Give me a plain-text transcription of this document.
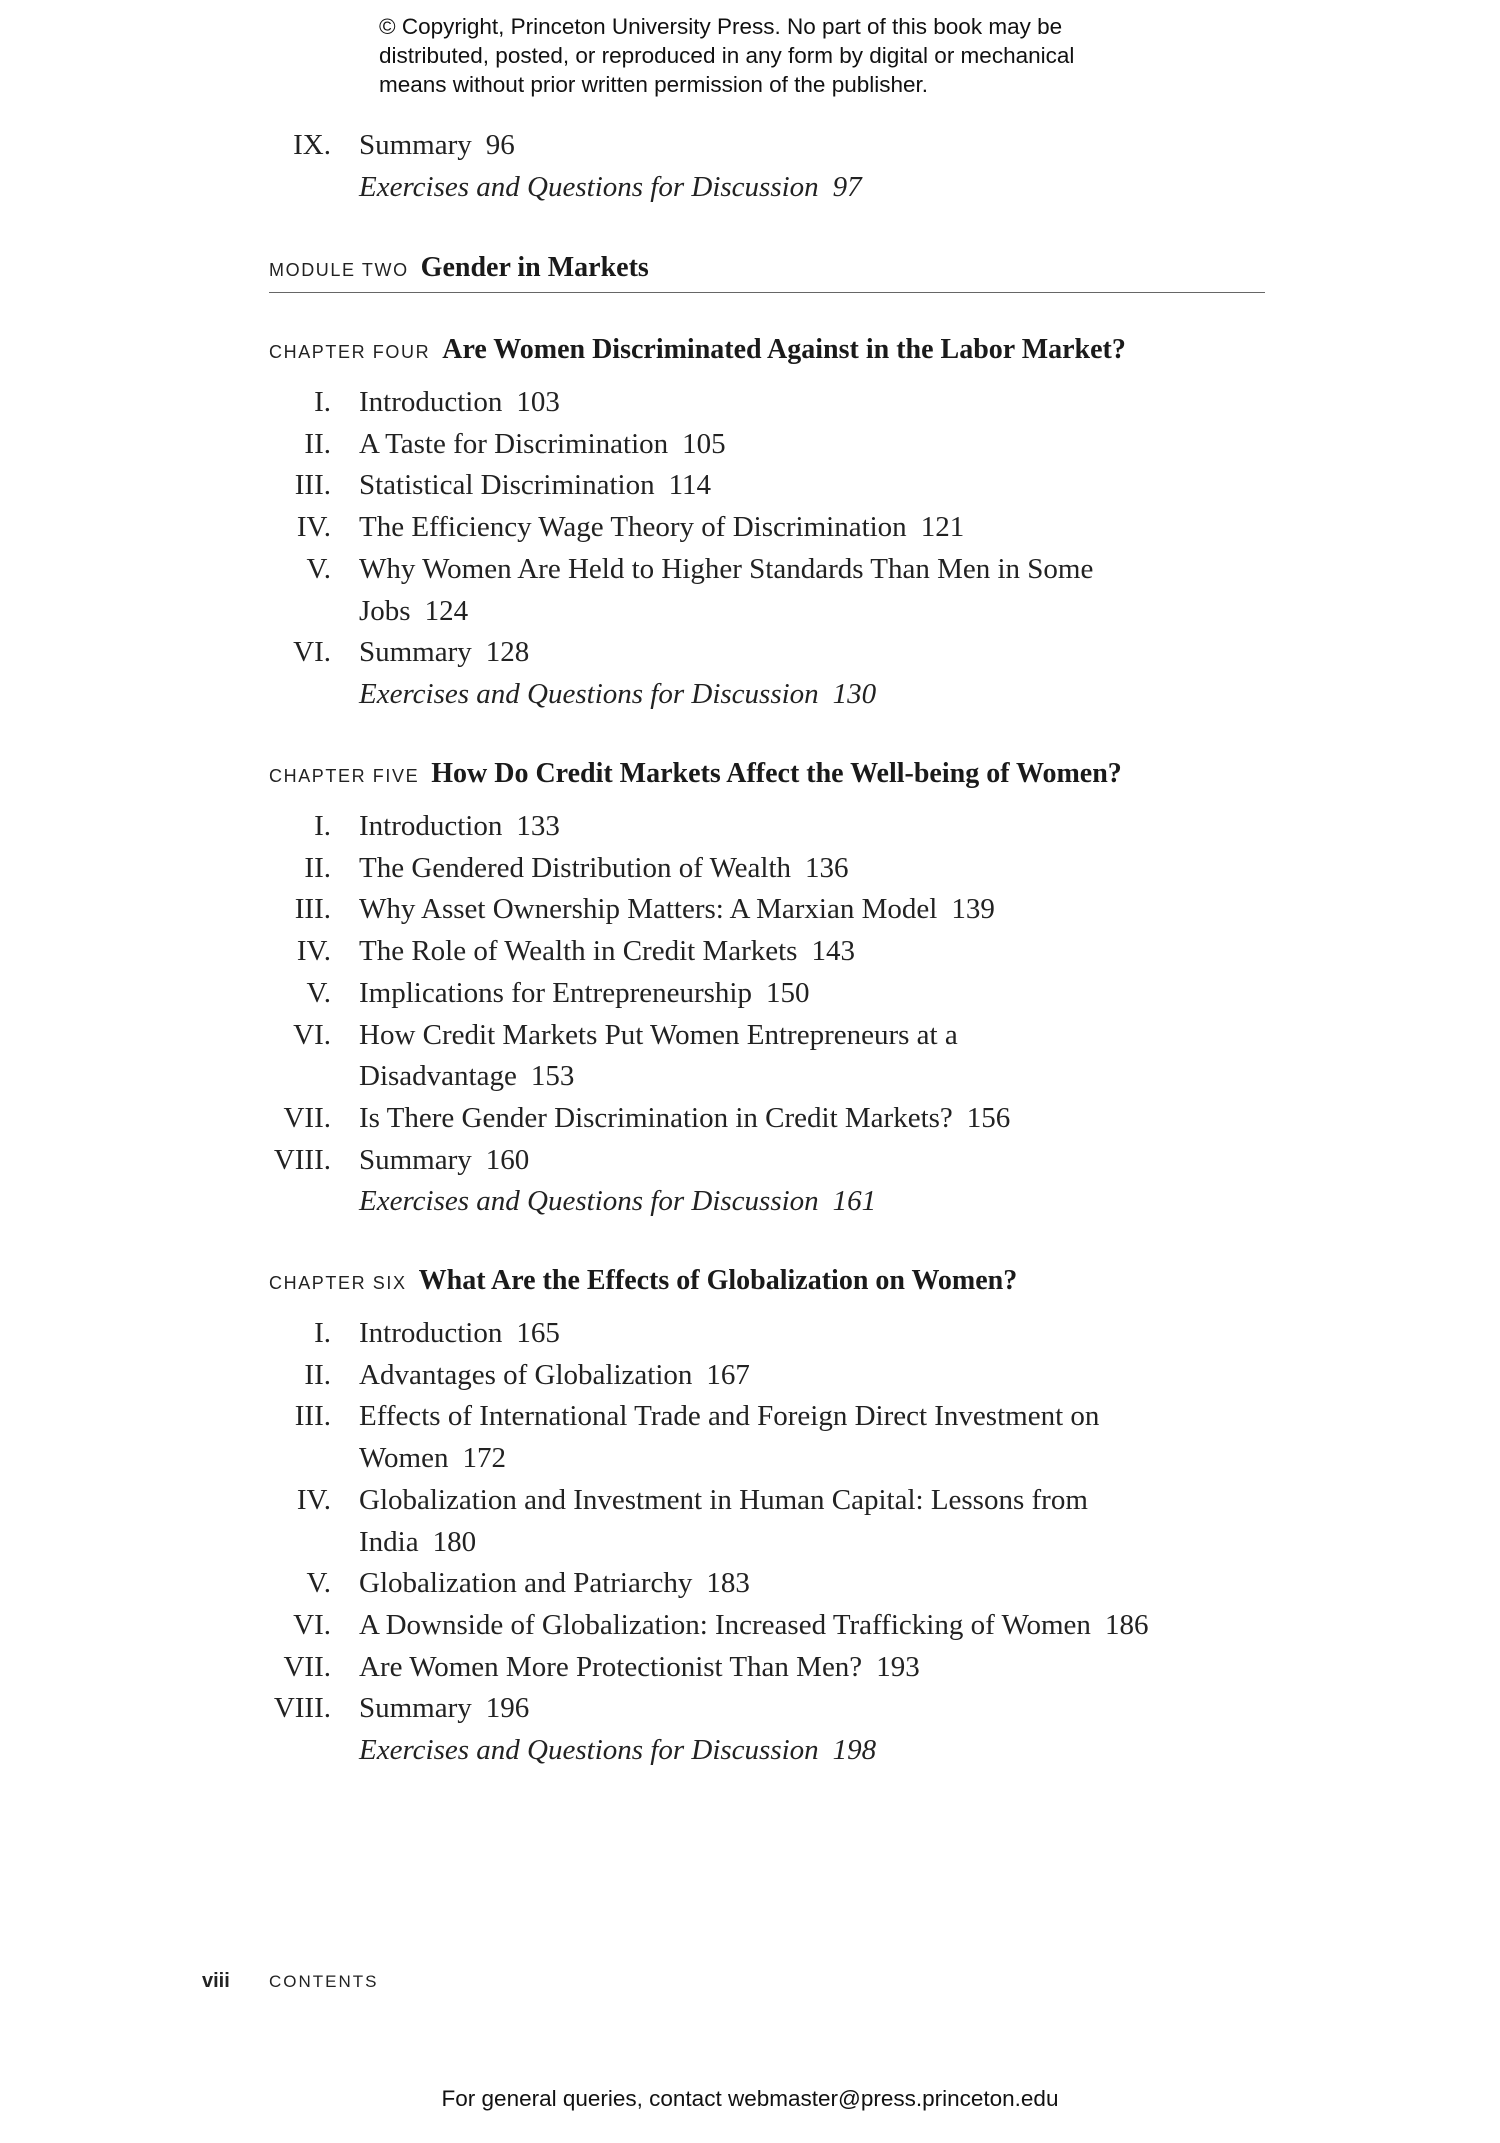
© Copyright, Princeton University Press. No part of this book may be
distributed, posted, or reproduced in any form by digital or mechanical
means without prior written permission of the publisher.
IX. Summary 96
Exercises and Questions for Discussion 97
MODULE TWO Gender in Markets
CHAPTER FOUR Are Women Discriminated Against in the Labor Market?
I. Introduction 103
II. A Taste for Discrimination 105
III. Statistical Discrimination 114
IV. The Efficiency Wage Theory of Discrimination 121
V. Why Women Are Held to Higher Standards Than Men in Some
Jobs 124
VI. Summary 128
Exercises and Questions for Discussion 130
CHAPTER FIVE How Do Credit Markets Affect the Well-being of Women?
I. Introduction 133
II. The Gendered Distribution of Wealth 136
III. Why Asset Ownership Matters: A Marxian Model 139
IV. The Role of Wealth in Credit Markets 143
V. Implications for Entrepreneurship 150
VI. How Credit Markets Put Women Entrepreneurs at a
Disadvantage 153
VII. Is There Gender Discrimination in Credit Markets? 156
VIII. Summary 160
Exercises and Questions for Discussion 161
CHAPTER SIX What Are the Effects of Globalization on Women?
I. Introduction 165
II. Advantages of Globalization 167
III. Effects of International Trade and Foreign Direct Investment on
Women 172
IV. Globalization and Investment in Human Capital: Lessons from
India 180
V. Globalization and Patriarchy 183
VI. A Downside of Globalization: Increased Trafficking of Women 186
VII. Are Women More Protectionist Than Men? 193
VIII. Summary 196
Exercises and Questions for Discussion 198
viii CONTENTS
For general queries, contact webmaster@press.princeton.edu
